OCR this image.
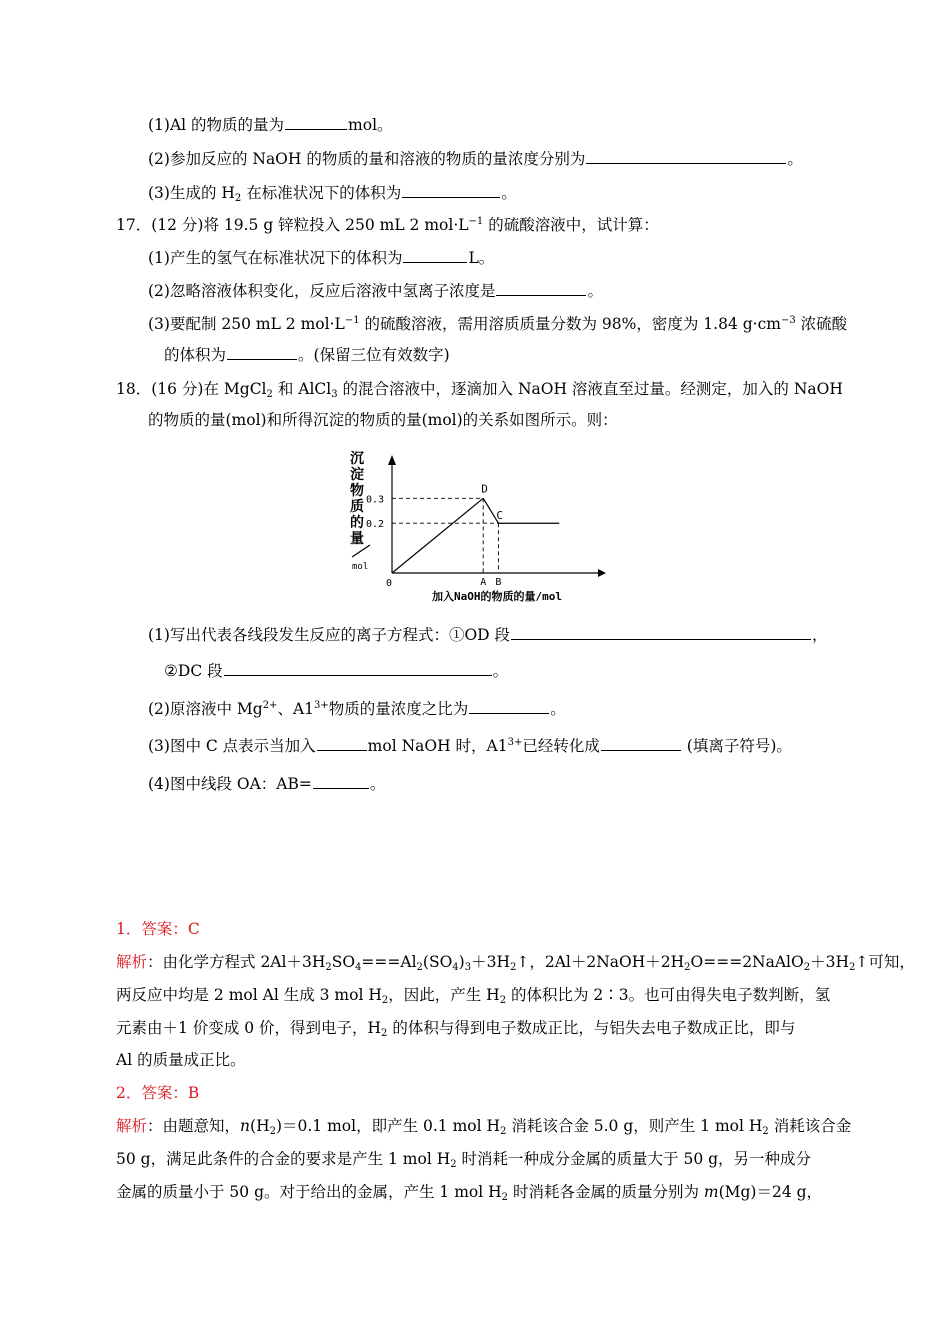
(1)Al 的物质的量为	mol。
(2)参加反应的 NaOH 的物质的量和溶液的物质的量浓度分别为	。
(3)生成的 $H_2$ 在标准状况下的体积为	。
17．(12 分)将 19.5 g 锌粒投入 250 mL 2 $mol\cdot L^{-1}$ 的硫酸溶液中，试计算：
(1)产生的氢气在标准状况下的体积为	L。
(2)忽略溶液体积变化，反应后溶液中氢离子浓度是	。
(3)要配制 250 mL 2 $mol\cdot L^{-1}$ 的硫酸溶液，需用溶质质量分数为 98%，密度为 1.84 $g\cdot cm^{-3}$ 浓硫酸
的体积为	。(保留三位有效数字)
18．(16 分)在 MgCl$_2$ 和 AlCl$_3$ 的混合溶液中，逐滴加入 NaOH 溶液直至过量。经测定，加入的 NaOH
的物质的量(mol)和所得沉淀的物质的量(mol)的关系如图所示。则：
沉
淀
物
质
的
量
mol
0
0.3
0.2
A B
D
C
加入NaOH的物质的量/mol
(1)写出代表各线段发生反应的离子方程式：①OD 段	，
②DC 段	。
(2)原溶液中 $Mg^{2+}$、$A1^{3+}$物质的量浓度之比为	。
(3)图中 C 点表示当加入	mol NaOH 时，$A1^{3+}$已经转化成	(填离子符号)。
(4)图中线段 OA：AB=	。
1．答案：C
解析：由化学方程式 $2Al+3H_2SO_4===Al_2(SO_4)_3+3H_2↑$，$2Al+2NaOH+2H_2O===2NaAlO_2+3H_2↑$可知，
两反应中均是 2 mol Al 生成 3 mol $H_2$，因此，产生 $H_2$ 的体积比为 2∶3。也可由得失电子数判断，氢
元素由＋1 价变成 0 价，得到电子，$H_2$ 的体积与得到电子数成正比，与铝失去电子数成正比，即与
Al 的质量成正比。
2．答案：B
解析：由题意知，$n(H_2)=0.1$ mol，即产生 0.1 mol $H_2$ 消耗该合金 5.0 g，则产生 1 mol $H_2$ 消耗该合金
50 g，满足此条件的合金的要求是产生 1 mol $H_2$ 时消耗一种成分金属的质量大于 50 g，另一种成分
金属的质量小于 50 g。对于给出的金属，产生 1 mol $H_2$ 时消耗各金属的质量分别为 m(Mg)＝24 g，
